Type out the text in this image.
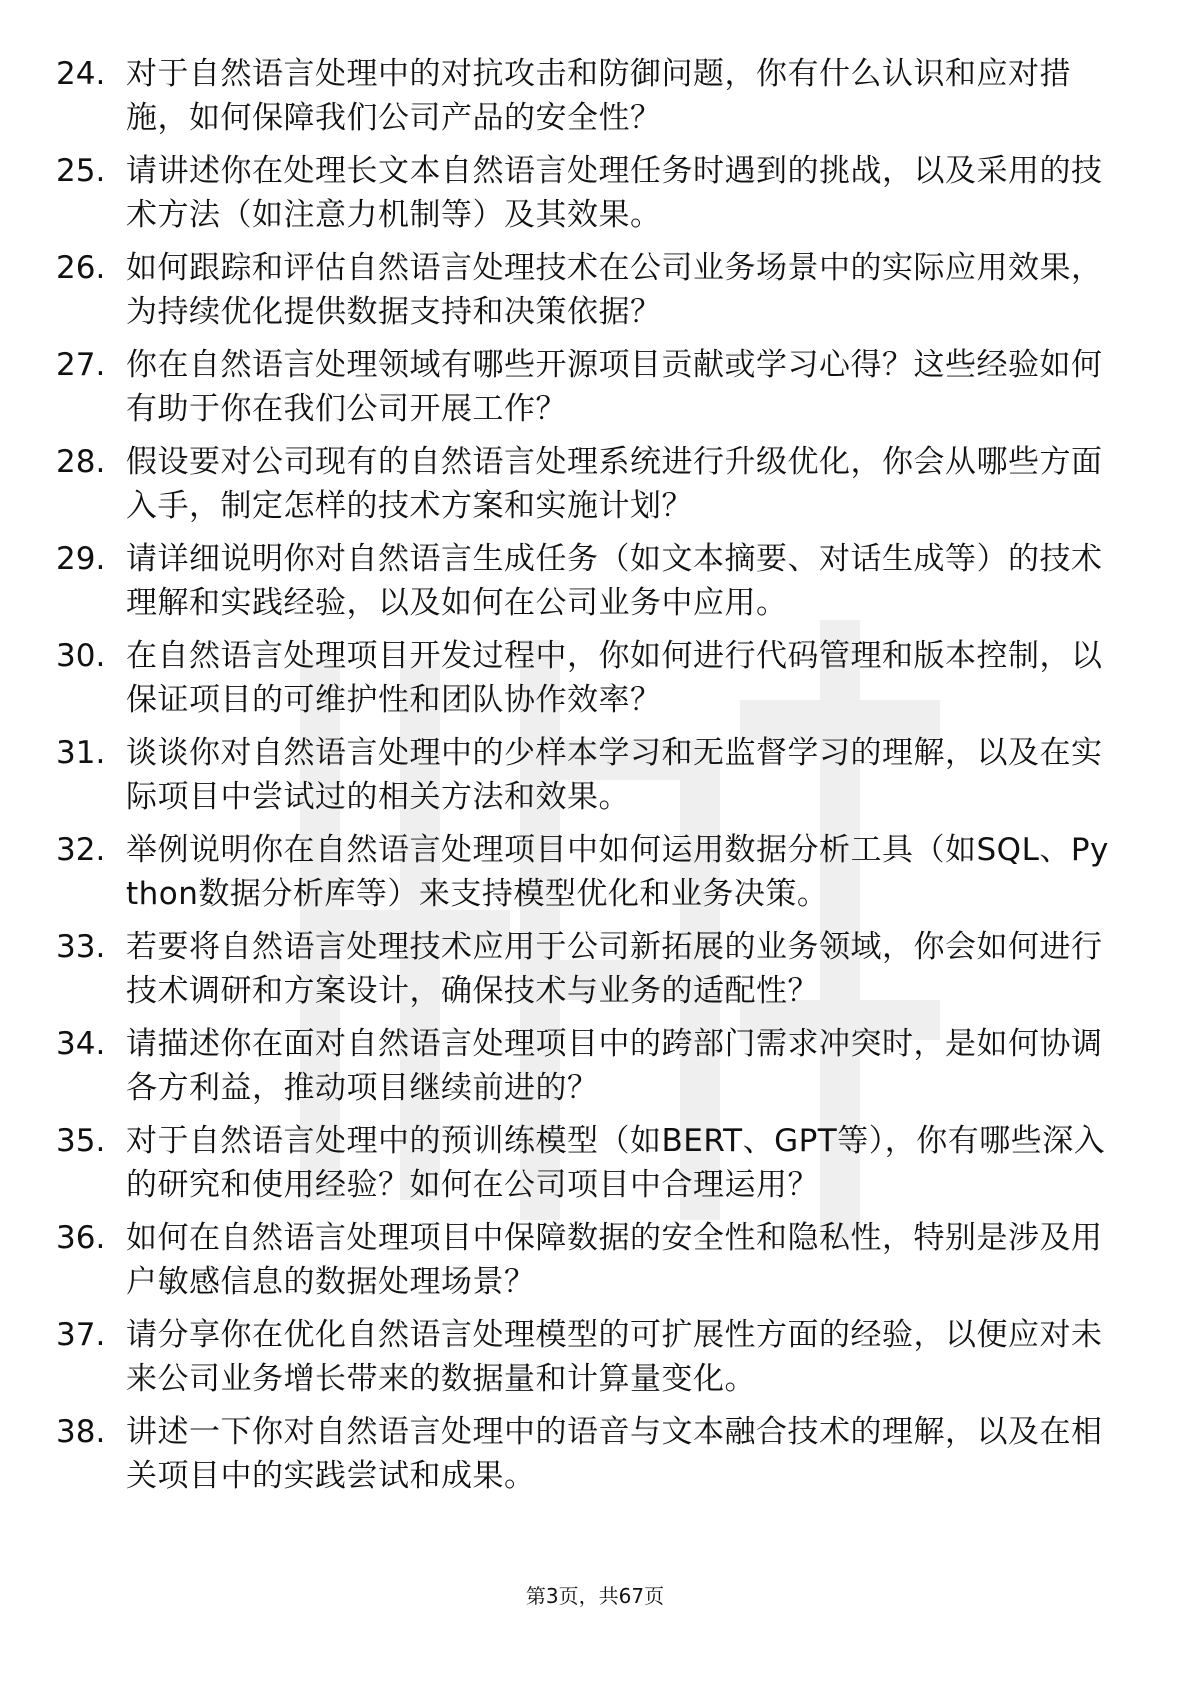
24. 对于自然语言处理中的对抗攻击和防御问题，你有什么认识和应对措施，如何保障我们公司产品的安全性？
25. 请讲述你在处理长文本自然语言处理任务时遇到的挑战，以及采用的技术方法（如注意力机制等）及其效果。
26. 如何跟踪和评估自然语言处理技术在公司业务场景中的实际应用效果，为持续优化提供数据支持和决策依据？
27. 你在自然语言处理领域有哪些开源项目贡献或学习心得？这些经验如何有助于你在我们公司开展工作？
28. 假设要对公司现有的自然语言处理系统进行升级优化，你会从哪些方面入手，制定怎样的技术方案和实施计划？
29. 请详细说明你对自然语言生成任务（如文本摘要、对话生成等）的技术理解和实践经验，以及如何在公司业务中应用。
30. 在自然语言处理项目开发过程中，你如何进行代码管理和版本控制，以保证项目的可维护性和团队协作效率？
31. 谈谈你对自然语言处理中的少样本学习和无监督学习的理解，以及在实际项目中尝试过的相关方法和效果。
32. 举例说明你在自然语言处理项目中如何运用数据分析工具（如SQL、Python数据分析库等）来支持模型优化和业务决策。
33. 若要将自然语言处理技术应用于公司新拓展的业务领域，你会如何进行技术调研和方案设计，确保技术与业务的适配性？
34. 请描述你在面对自然语言处理项目中的跨部门需求冲突时，是如何协调各方利益，推动项目继续前进的？
35. 对于自然语言处理中的预训练模型（如BERT、GPT等），你有哪些深入的研究和使用经验？如何在公司项目中合理运用？
36. 如何在自然语言处理项目中保障数据的安全性和隐私性，特别是涉及用户敏感信息的数据处理场景？
37. 请分享你在优化自然语言处理模型的可扩展性方面的经验，以便应对未来公司业务增长带来的数据量和计算量变化。
38. 讲述一下你对自然语言处理中的语音与文本融合技术的理解，以及在相关项目中的实践尝试和成果。
第3页，共67页
